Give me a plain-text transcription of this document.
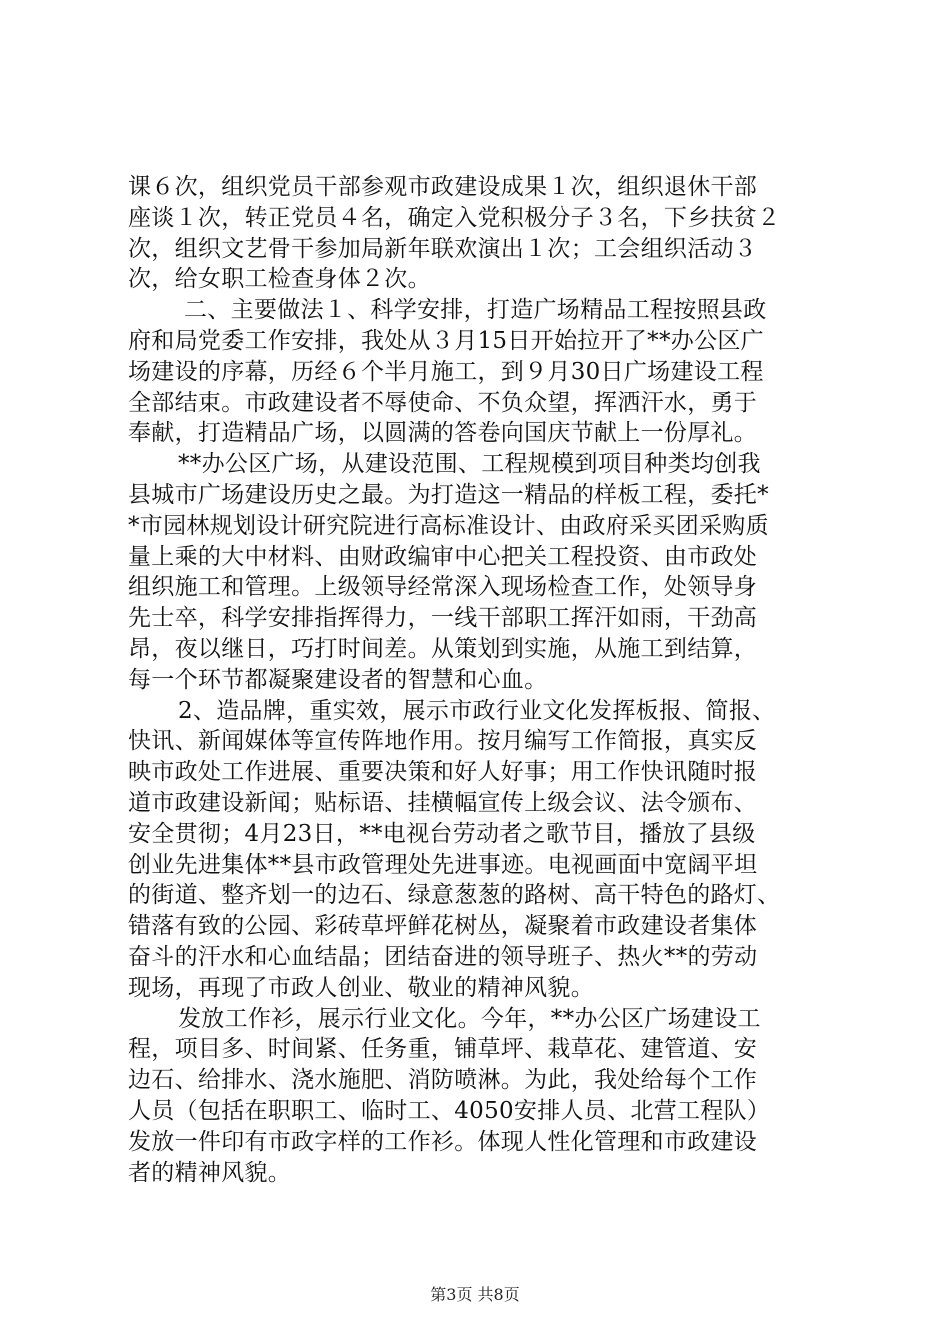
课６次，组织党员干部参观市政建设成果１次，组织退休干部
座谈１次，转正党员４名，确定入党积极分子３名，下乡扶贫２
次，组织文艺骨干参加局新年联欢演出１次；工会组织活动３
次，给女职工检查身体２次。
二、主要做法１、科学安排，打造广场精品工程按照县政
府和局党委工作安排，我处从３月15日开始拉开了**办公区广
场建设的序幕，历经６个半月施工，到９月30日广场建设工程
全部结束。市政建设者不辱使命、不负众望，挥洒汗水，勇于
奉献，打造精品广场，以圆满的答卷向国庆节献上一份厚礼。
**办公区广场，从建设范围、工程规模到项目种类均创我
县城市广场建设历史之最。为打造这一精品的样板工程，委托*
*市园林规划设计研究院进行高标准设计、由政府采买团采购质
量上乘的大中材料、由财政编审中心把关工程投资、由市政处
组织施工和管理。上级领导经常深入现场检查工作，处领导身
先士卒，科学安排指挥得力，一线干部职工挥汗如雨，干劲高
昂，夜以继日，巧打时间差。从策划到实施，从施工到结算，
每一个环节都凝聚建设者的智慧和心血。
2、造品牌，重实效，展示市政行业文化发挥板报、简报、
快讯、新闻媒体等宣传阵地作用。按月编写工作简报，真实反
映市政处工作进展、重要决策和好人好事；用工作快讯随时报
道市政建设新闻；贴标语、挂横幅宣传上级会议、法令颁布、
安全贯彻；4月23日，**电视台劳动者之歌节目，播放了县级
创业先进集体**县市政管理处先进事迹。电视画面中宽阔平坦
的街道、整齐划一的边石、绿意葱葱的路树、高干特色的路灯、
错落有致的公园、彩砖草坪鲜花树丛，凝聚着市政建设者集体
奋斗的汗水和心血结晶；团结奋进的领导班子、热火**的劳动
现场，再现了市政人创业、敬业的精神风貌。
发放工作衫，展示行业文化。今年，**办公区广场建设工
程，项目多、时间紧、任务重，铺草坪、栽草花、建管道、安
边石、给排水、浇水施肥、消防喷淋。为此，我处给每个工作
人员（包括在职职工、临时工、4050安排人员、北营工程队）
发放一件印有市政字样的工作衫。体现人性化管理和市政建设
者的精神风貌。
第3页 共8页
